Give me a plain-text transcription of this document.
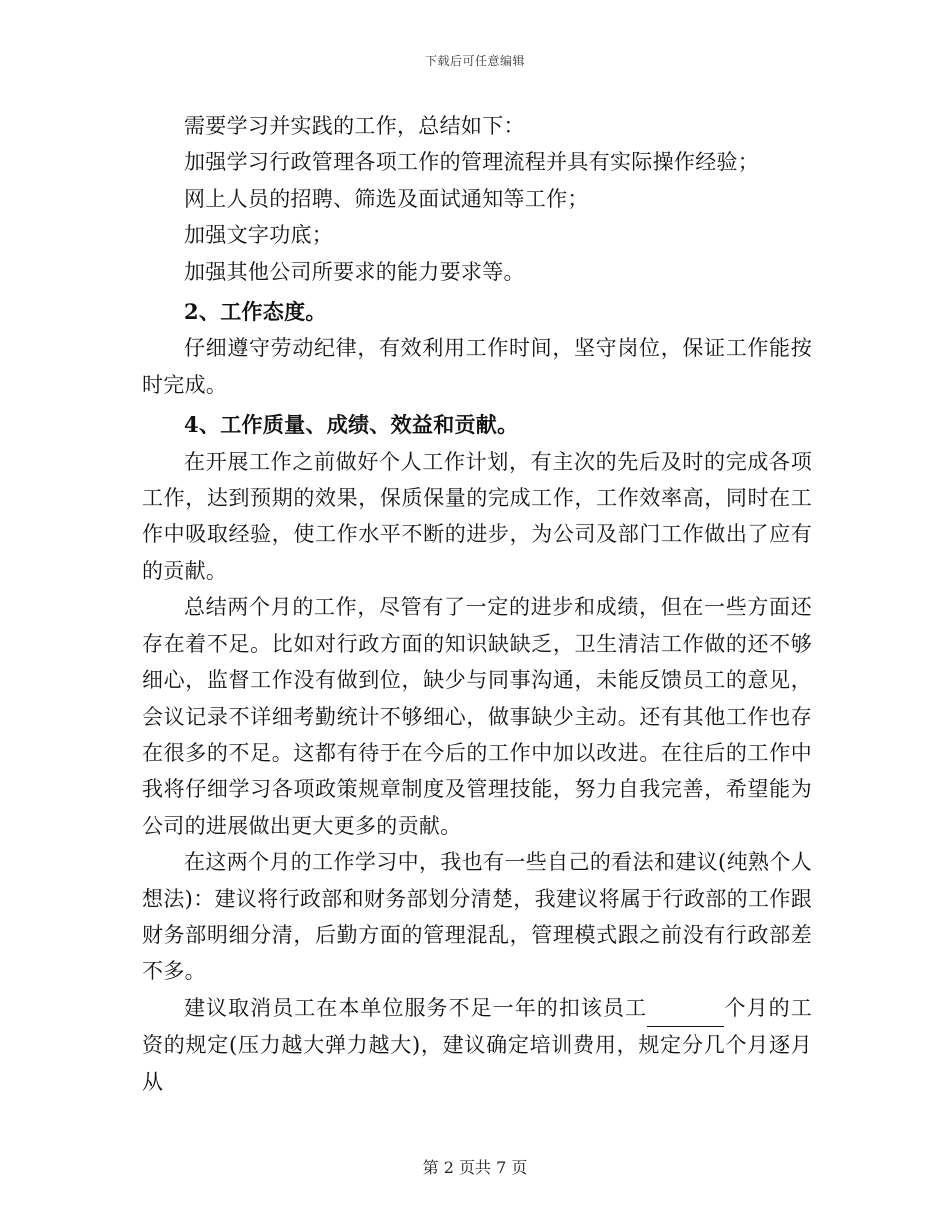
下载后可任意编辑

需要学习并实践的工作，总结如下：

加强学习行政管理各项工作的管理流程并具有实际操作经验；

网上人员的招聘、筛选及面试通知等工作；

加强文字功底；

加强其他公司所要求的能力要求等。

2、工作态度。

仔细遵守劳动纪律，有效利用工作时间，坚守岗位，保证工作能按时完成。

4、工作质量、成绩、效益和贡献。

在开展工作之前做好个人工作计划，有主次的先后及时的完成各项工作，达到预期的效果，保质保量的完成工作，工作效率高，同时在工作中吸取经验，使工作水平不断的进步，为公司及部门工作做出了应有的贡献。

总结两个月的工作，尽管有了一定的进步和成绩，但在一些方面还存在着不足。比如对行政方面的知识缺缺乏，卫生清洁工作做的还不够细心，监督工作没有做到位，缺少与同事沟通，未能反馈员工的意见，会议记录不详细考勤统计不够细心，做事缺少主动。还有其他工作也存在很多的不足。这都有待于在今后的工作中加以改进。在往后的工作中我将仔细学习各项政策规章制度及管理技能，努力自我完善，希望能为公司的进展做出更大更多的贡献。

在这两个月的工作学习中，我也有一些自己的看法和建议(纯熟个人想法)：建议将行政部和财务部划分清楚，我建议将属于行政部的工作跟财务部明细分清，后勤方面的管理混乱，管理模式跟之前没有行政部差不多。

建议取消员工在本单位服务不足一年的扣该员工	个月的工资的规定(压力越大弹力越大)，建议确定培训费用，规定分几个月逐月从

第 2 页共 7 页
